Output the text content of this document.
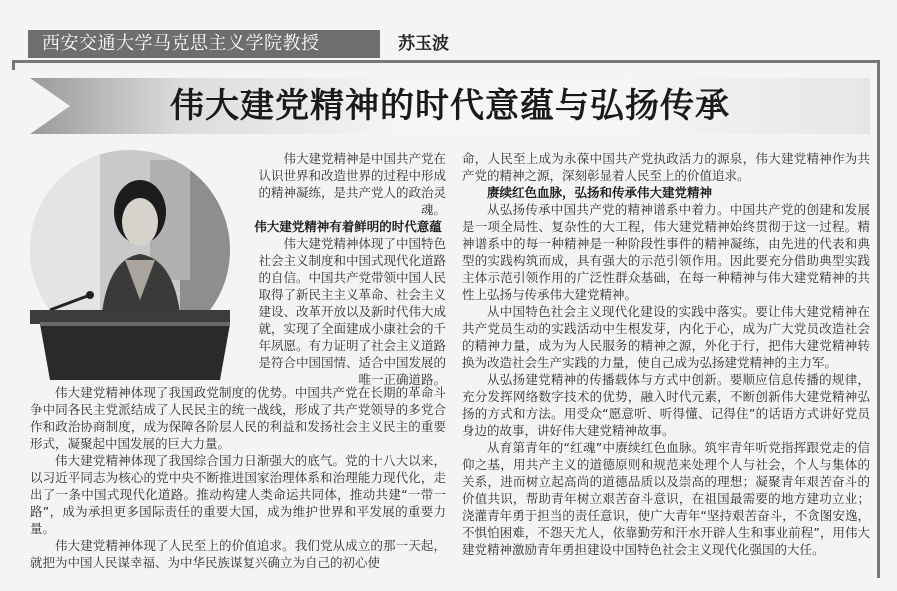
西安交通大学马克思主义学院教授	苏玉波
伟大建党精神的时代意蕴与弘扬传承

伟大建党精神是中国共产党在认识世界和改造世界的过程中形成的精神凝练，是共产党人的政治灵魂。

伟大建党精神有着鲜明的时代意蕴

伟大建党精神体现了中国特色社会主义制度和中国式现代化道路的自信。中国共产党带领中国人民取得了新民主主义革命、社会主义建设、改革开放以及新时代伟大成就，实现了全面建成小康社会的千年夙愿。有力证明了社会主义道路是符合中国国情、适合中国发展的唯一正确道路。

伟大建党精神体现了我国政党制度的优势。中国共产党在长期的革命斗争中同各民主党派结成了人民民主的统一战线，形成了共产党领导的多党合作和政治协商制度，成为保障各阶层人民的利益和发扬社会主义民主的重要形式，凝聚起中国发展的巨大力量。

伟大建党精神体现了我国综合国力日渐强大的底气。党的十八大以来，以习近平同志为核心的党中央不断推进国家治理体系和治理能力现代化，走出了一条中国式现代化道路。推动构建人类命运共同体，推动共建“一带一路”，成为承担更多国际责任的重要大国，成为维护世界和平发展的重要力量。

伟大建党精神体现了人民至上的价值追求。我们党从成立的那一天起，就把为中国人民谋幸福、为中华民族谋复兴确立为自己的初心使

命，人民至上成为永葆中国共产党执政活力的源泉，伟大建党精神作为共产党的精神之源，深刻彰显着人民至上的价值追求。

赓续红色血脉，弘扬和传承伟大建党精神

从弘扬传承中国共产党的精神谱系中着力。中国共产党的创建和发展是一项全局性、复杂性的大工程，伟大建党精神始终贯彻于这一过程。精神谱系中的每一种精神是一种阶段性事件的精神凝练，由先进的代表和典型的实践构筑而成，具有强大的示范引领作用。因此要充分借助典型实践主体示范引领作用的广泛性群众基础，在每一种精神与伟大建党精神的共性上弘扬与传承伟大建党精神。

从中国特色社会主义现代化建设的实践中落实。要让伟大建党精神在共产党员生动的实践活动中生根发芽，内化于心，成为广大党员改造社会的精神力量，成为为人民服务的精神之源，外化于行，把伟大建党精神转换为改造社会生产实践的力量，使自己成为弘扬建党精神的主力军。

从弘扬建党精神的传播载体与方式中创新。要顺应信息传播的规律，充分发挥网络数字技术的优势，融入时代元素，不断创新伟大建党精神弘扬的方式和方法。用受众“愿意听、听得懂、记得住”的话语方式讲好党员身边的故事，讲好伟大建党精神故事。

从育第青年的“红魂”中赓续红色血脉。筑牢青年听党指挥跟党走的信仰之基，用共产主义的道德原则和规范来处理个人与社会，个人与集体的关系，进而树立起高尚的道德品质以及崇高的理想；凝聚青年艰苦奋斗的价值共识，帮助青年树立艰苦奋斗意识，在祖国最需要的地方建功立业；浇灌青年勇于担当的责任意识，使广大青年“坚持艰苦奋斗，不贪图安逸，不惧怕困难，不怨天尤人，依靠勤劳和汗水开辟人生和事业前程”，用伟大建党精神激励青年勇担建设中国特色社会主义现代化强国的大任。
